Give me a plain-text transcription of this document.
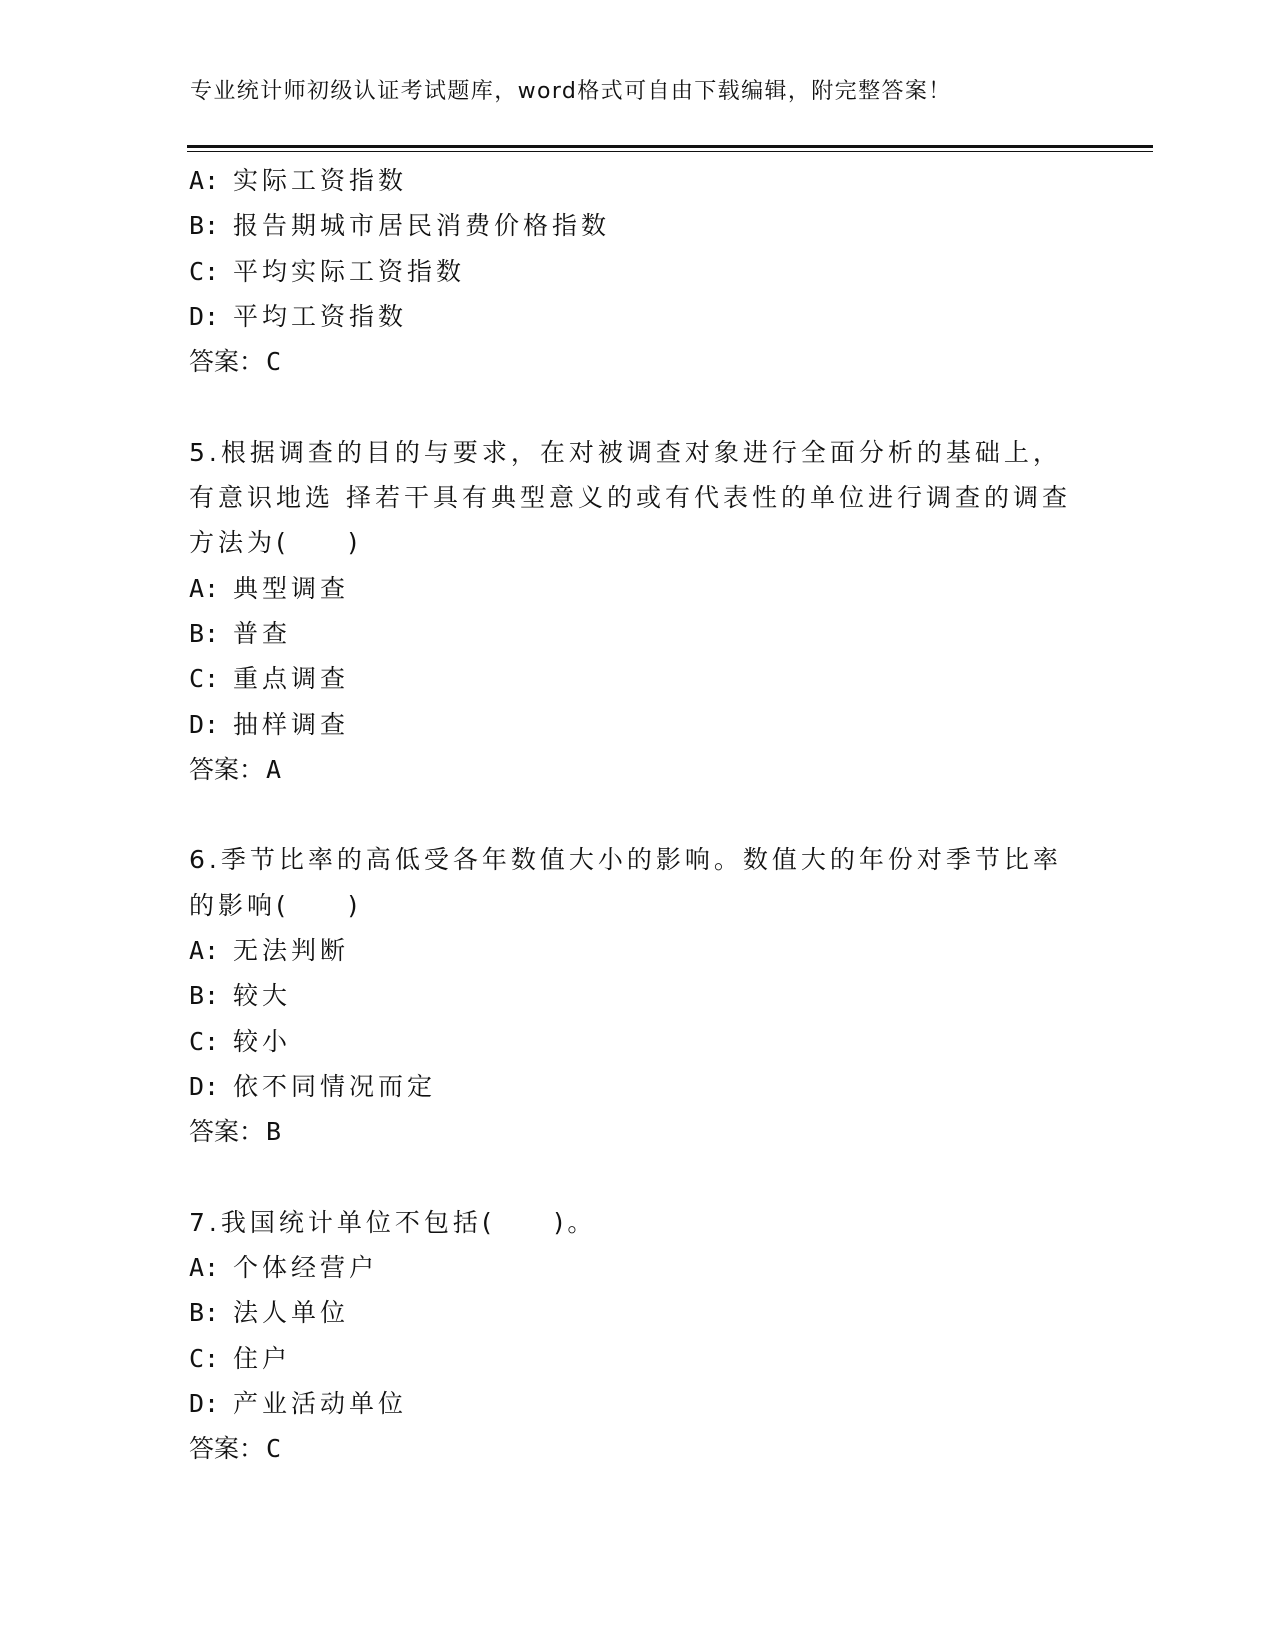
专业统计师初级认证考试题库，word格式可自由下载编辑，附完整答案！
A: 实际工资指数
B: 报告期城市居民消费价格指数
C: 平均实际工资指数
D: 平均工资指数
答案：C
5.根据调查的目的与要求，在对被调查对象进行全面分析的基础上，
有意识地选 择若干具有典型意义的或有代表性的单位进行调查的调查
方法为(　　)
A: 典型调查
B: 普查
C: 重点调查
D: 抽样调查
答案：A
6.季节比率的高低受各年数值大小的影响。数值大的年份对季节比率
的影响(　　)
A: 无法判断
B: 较大
C: 较小
D: 依不同情况而定
答案：B
7.我国统计单位不包括(　　)。
A: 个体经营户
B: 法人单位
C: 住户
D: 产业活动单位
答案：C
